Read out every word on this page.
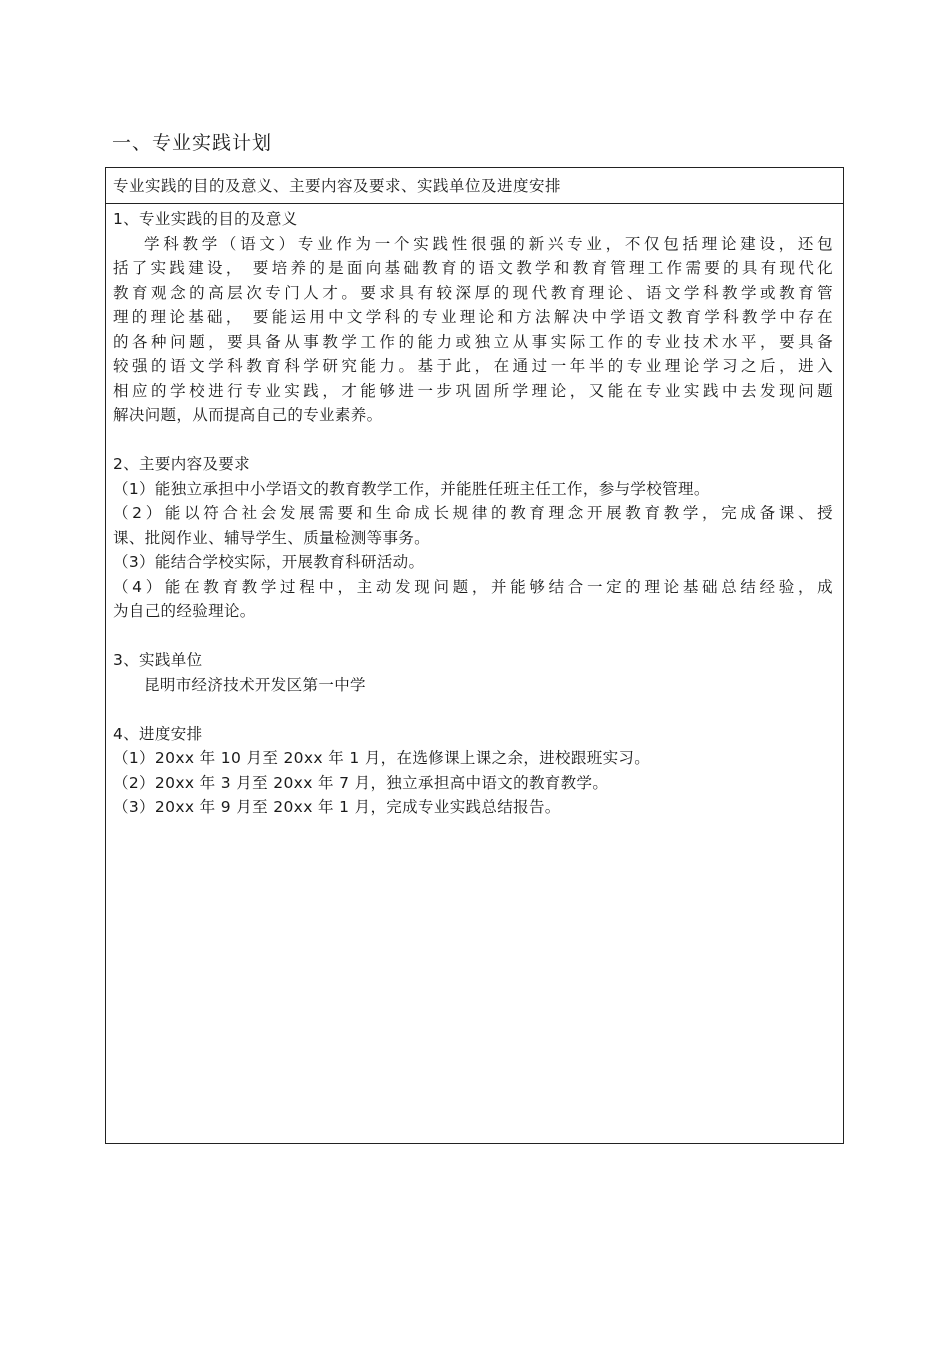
一、专业实践计划
专业实践的目的及意义、主要内容及要求、实践单位及进度安排
1、专业实践的目的及意义
学科教学（语文）专业作为一个实践性很强的新兴专业，不仅包括理论建设，还包
括了实践建设， 要培养的是面向基础教育的语文教学和教育管理工作需要的具有现代化
教育观念的高层次专门人才。要求具有较深厚的现代教育理论、语文学科教学或教育管
理的理论基础， 要能运用中文学科的专业理论和方法解决中学语文教育学科教学中存在
的各种问题，要具备从事教学工作的能力或独立从事实际工作的专业技术水平，要具备
较强的语文学科教育科学研究能力。基于此，在通过一年半的专业理论学习之后，进入
相应的学校进行专业实践，才能够进一步巩固所学理论，又能在专业实践中去发现问题
解决问题，从而提高自己的专业素养。
2、主要内容及要求
（1）能独立承担中小学语文的教育教学工作，并能胜任班主任工作，参与学校管理。
（2）能以符合社会发展需要和生命成长规律的教育理念开展教育教学，完成备课、授
课、批阅作业、辅导学生、质量检测等事务。
（3）能结合学校实际，开展教育科研活动。
（4）能在教育教学过程中，主动发现问题，并能够结合一定的理论基础总结经验，成
为自己的经验理论。
3、实践单位
昆明市经济技术开发区第一中学
4、进度安排
（1）20xx 年 10 月至 20xx 年 1 月，在选修课上课之余，进校跟班实习。
（2）20xx 年 3 月至 20xx 年 7 月，独立承担高中语文的教育教学。
（3）20xx 年 9 月至 20xx 年 1 月，完成专业实践总结报告。
